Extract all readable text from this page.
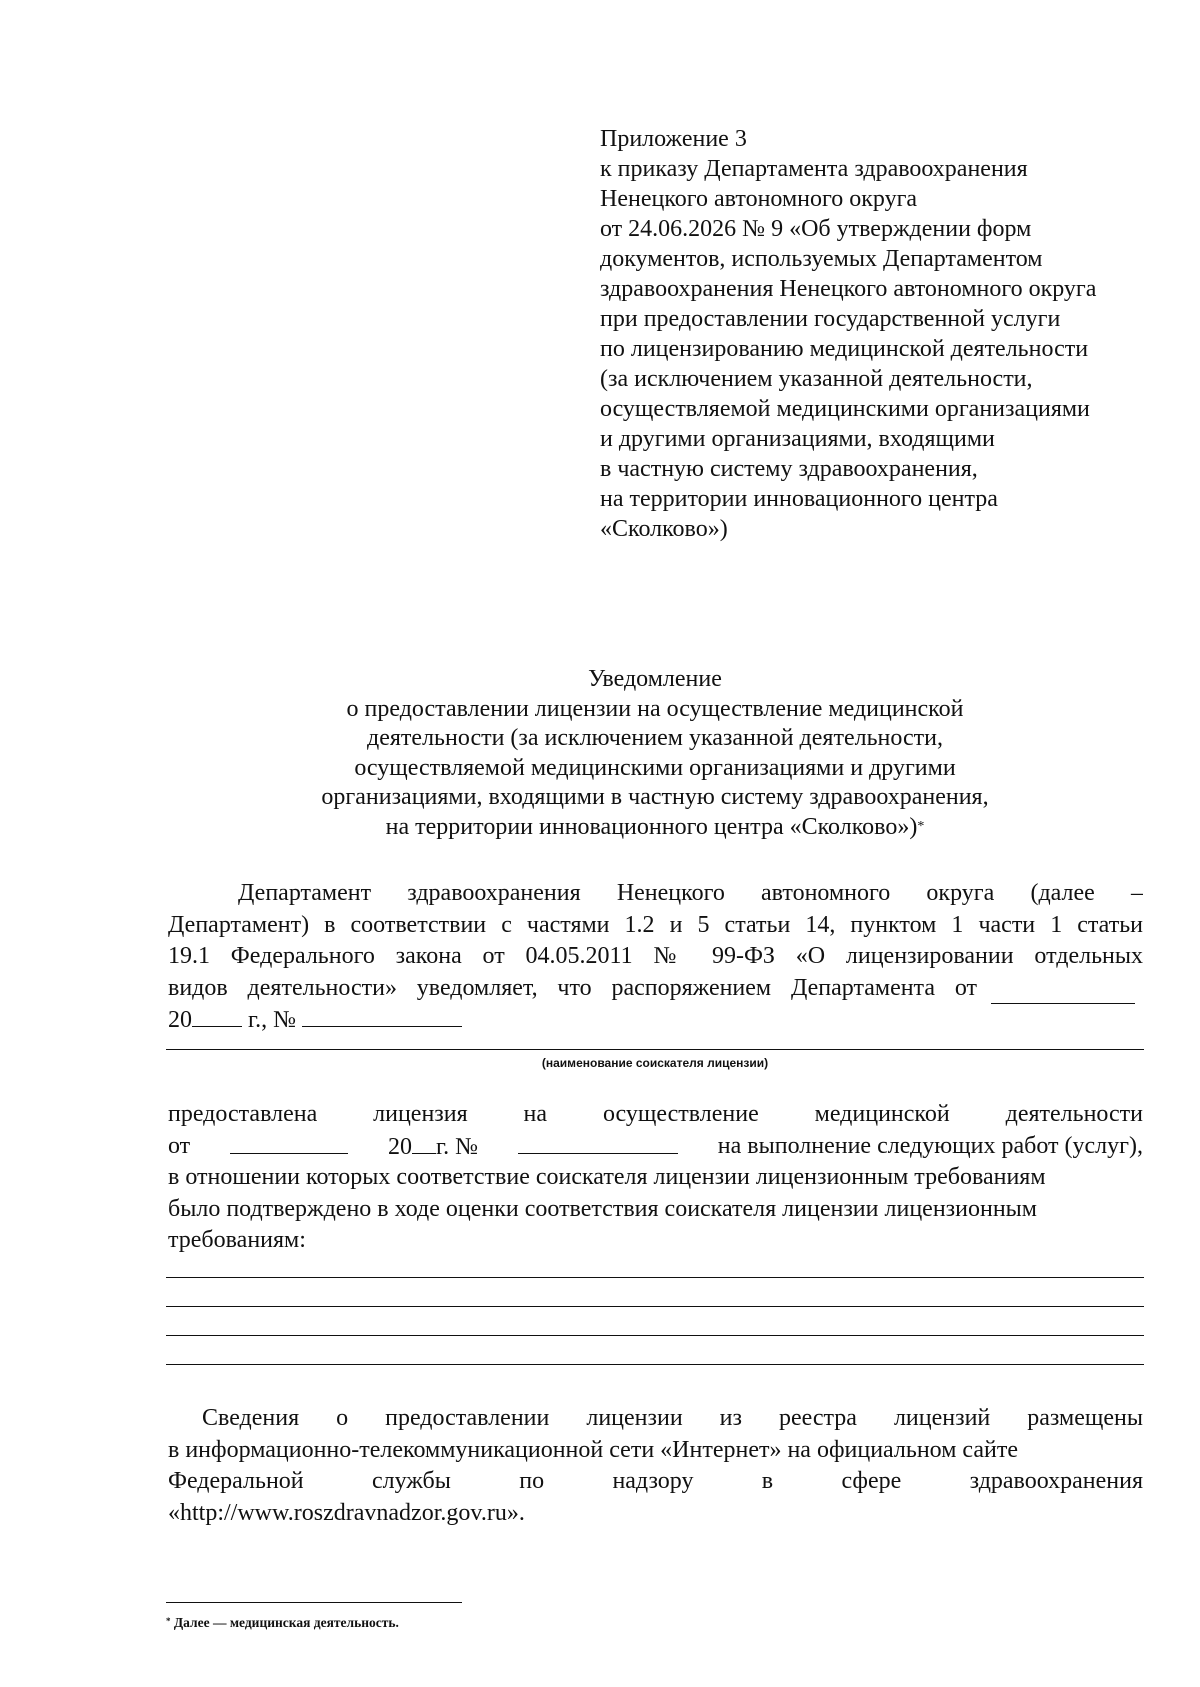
Приложение 3
к приказу Департамента здравоохранения
Ненецкого автономного округа
от 24.06.2026 № 9 «Об утверждении форм
документов, используемых Департаментом
здравоохранения Ненецкого автономного округа
при предоставлении государственной услуги
по лицензированию медицинской деятельности
(за исключением указанной деятельности,
осуществляемой медицинскими организациями
и другими организациями, входящими
в частную систему здравоохранения,
на территории инновационного центра
«Сколково»)
Уведомление
о предоставлении лицензии на осуществление медицинской
деятельности (за исключением указанной деятельности,
осуществляемой медицинскими организациями и другими
организациями, входящими в частную систему здравоохранения,
на территории инновационного центра «Сколково»)*
Департамент здравоохранения Ненецкого автономного округа (далее –
Департамент) в соответствии с частями 1.2 и 5 статьи 14, пунктом 1 части 1 статьи
19.1 Федерального закона от 04.05.2011 № 99-ФЗ «О лицензировании отдельных
видов деятельности» уведомляет, что распоряжением Департамента от
20 г., №
(наименование соискателя лицензии)
предоставлена лицензия на осуществление медицинской деятельности
от	20 г. №	на выполнение следующих работ (услуг),
в отношении которых соответствие соискателя лицензии лицензионным требованиям
было подтверждено в ходе оценки соответствия соискателя лицензии лицензионным
требованиям:
Сведения о предоставлении лицензии из реестра лицензий размещены
в информационно-телекоммуникационной сети «Интернет» на официальном сайте
Федеральной службы по надзору в сфере здравоохранения
«http://www.roszdravnadzor.gov.ru».
* Далее — медицинская деятельность.
